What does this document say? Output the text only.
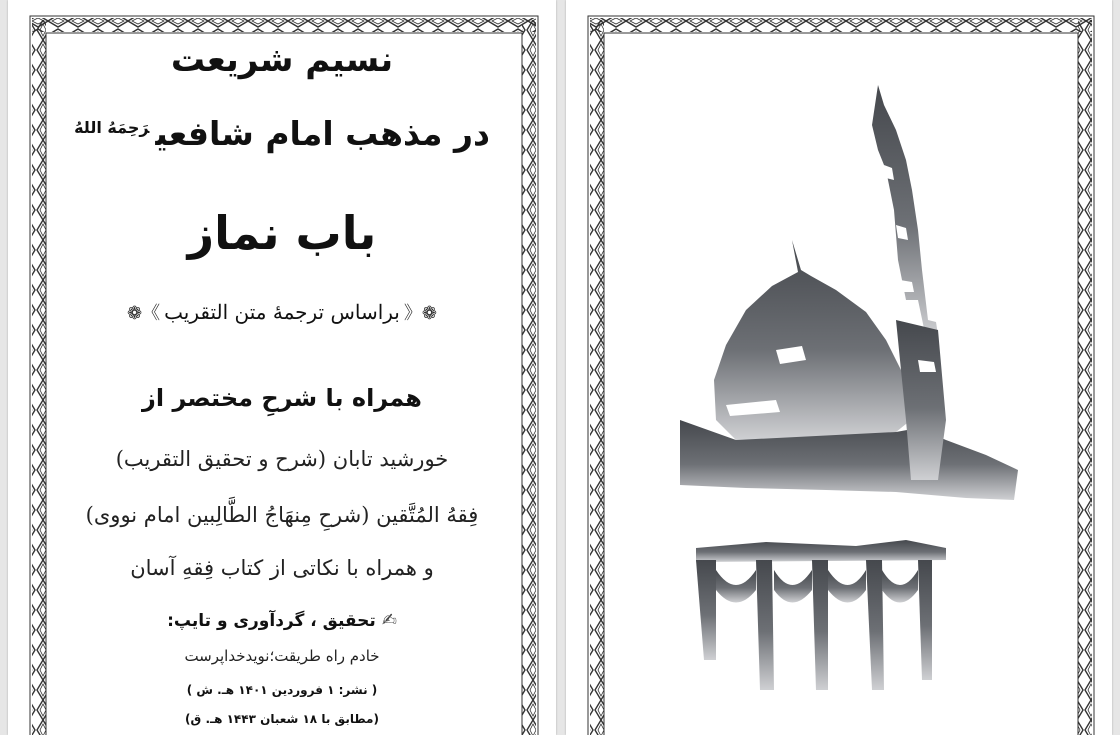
نسیم شریعت
در مذهب امام شافعی$^{رَحِمَهُ اللهُ}$
باب نماز
❁《براساس ترجمهٔ متن التقریب》❁
همراه با شرحِ مختصر از
خورشید تابان (شرح و تحقیق التقریب)
فِقهُ المُتَّقین (شرحِ مِنهَاجُ الطَّالِبین امام نووی)
و همراه با نکاتی از کتاب فِقهِ آسان
✍تحقیق ، گردآوری و تایپ:
خادم راه طریقت؛نویدخداپرست
( نشر: ۱ فروردین ۱۴۰۱ هـ. ش )
(مطابق با ۱۸ شعبان ۱۴۴۳ هـ. ق)
